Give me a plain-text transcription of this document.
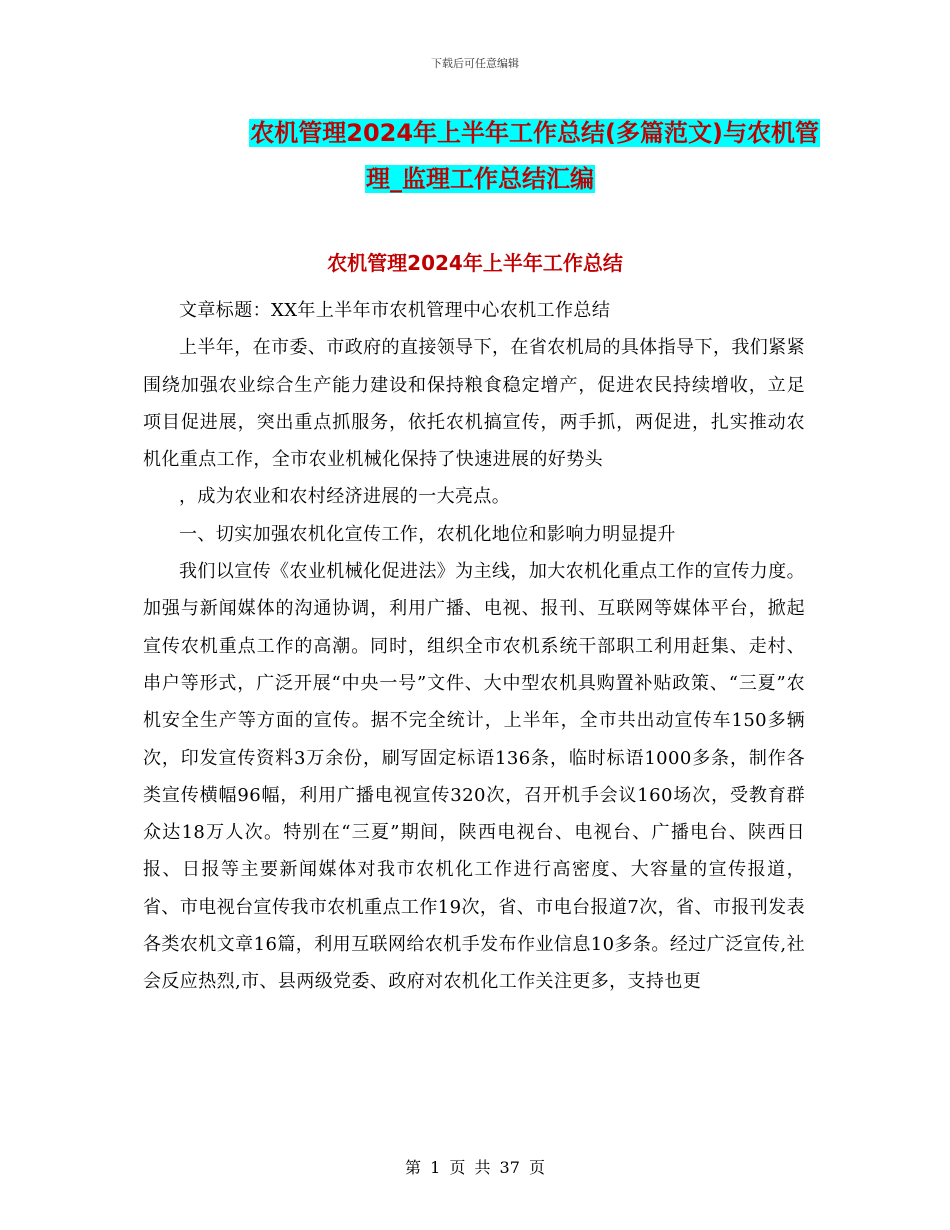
下载后可任意编辑
农机管理2024年上半年工作总结(多篇范文)与农机管
理_监理工作总结汇编
农机管理2024年上半年工作总结

文章标题：XX年上半年市农机管理中心农机工作总结

上半年，在市委、市政府的直接领导下，在省农机局的具体指导下，我们紧紧围绕加强农业综合生产能力建设和保持粮食稳定增产，促进农民持续增收，立足项目促进展，突出重点抓服务，依托农机搞宣传，两手抓，两促进，扎实推动农机化重点工作，全市农业机械化保持了快速进展的好势头

，成为农业和农村经济进展的一大亮点。

一、切实加强农机化宣传工作，农机化地位和影响力明显提升

我们以宣传《农业机械化促进法》为主线，加大农机化重点工作的宣传力度。加强与新闻媒体的沟通协调，利用广播、电视、报刊、互联网等媒体平台，掀起宣传农机重点工作的高潮。同时，组织全市农机系统干部职工利用赶集、走村、串户等形式，广泛开展“中央一号”文件、大中型农机具购置补贴政策、“三夏”农机安全生产等方面的宣传。据不完全统计，上半年，全市共出动宣传车150多辆次，印发宣传资料3万余份，刷写固定标语136条，临时标语1000多条，制作各类宣传横幅96幅，利用广播电视宣传320次，召开机手会议160场次，受教育群众达18万人次。特别在“三夏”期间，陕西电视台、电视台、广播电台、陕西日报、日报等主要新闻媒体对我市农机化工作进行高密度、大容量的宣传报道，省、市电视台宣传我市农机重点工作19次，省、市电台报道7次，省、市报刊发表各类农机文章16篇，利用互联网给农机手发布作业信息10多条。经过广泛宣传,社会反应热烈,市、县两级党委、政府对农机化工作关注更多，支持也更

第 1 页 共 37 页
